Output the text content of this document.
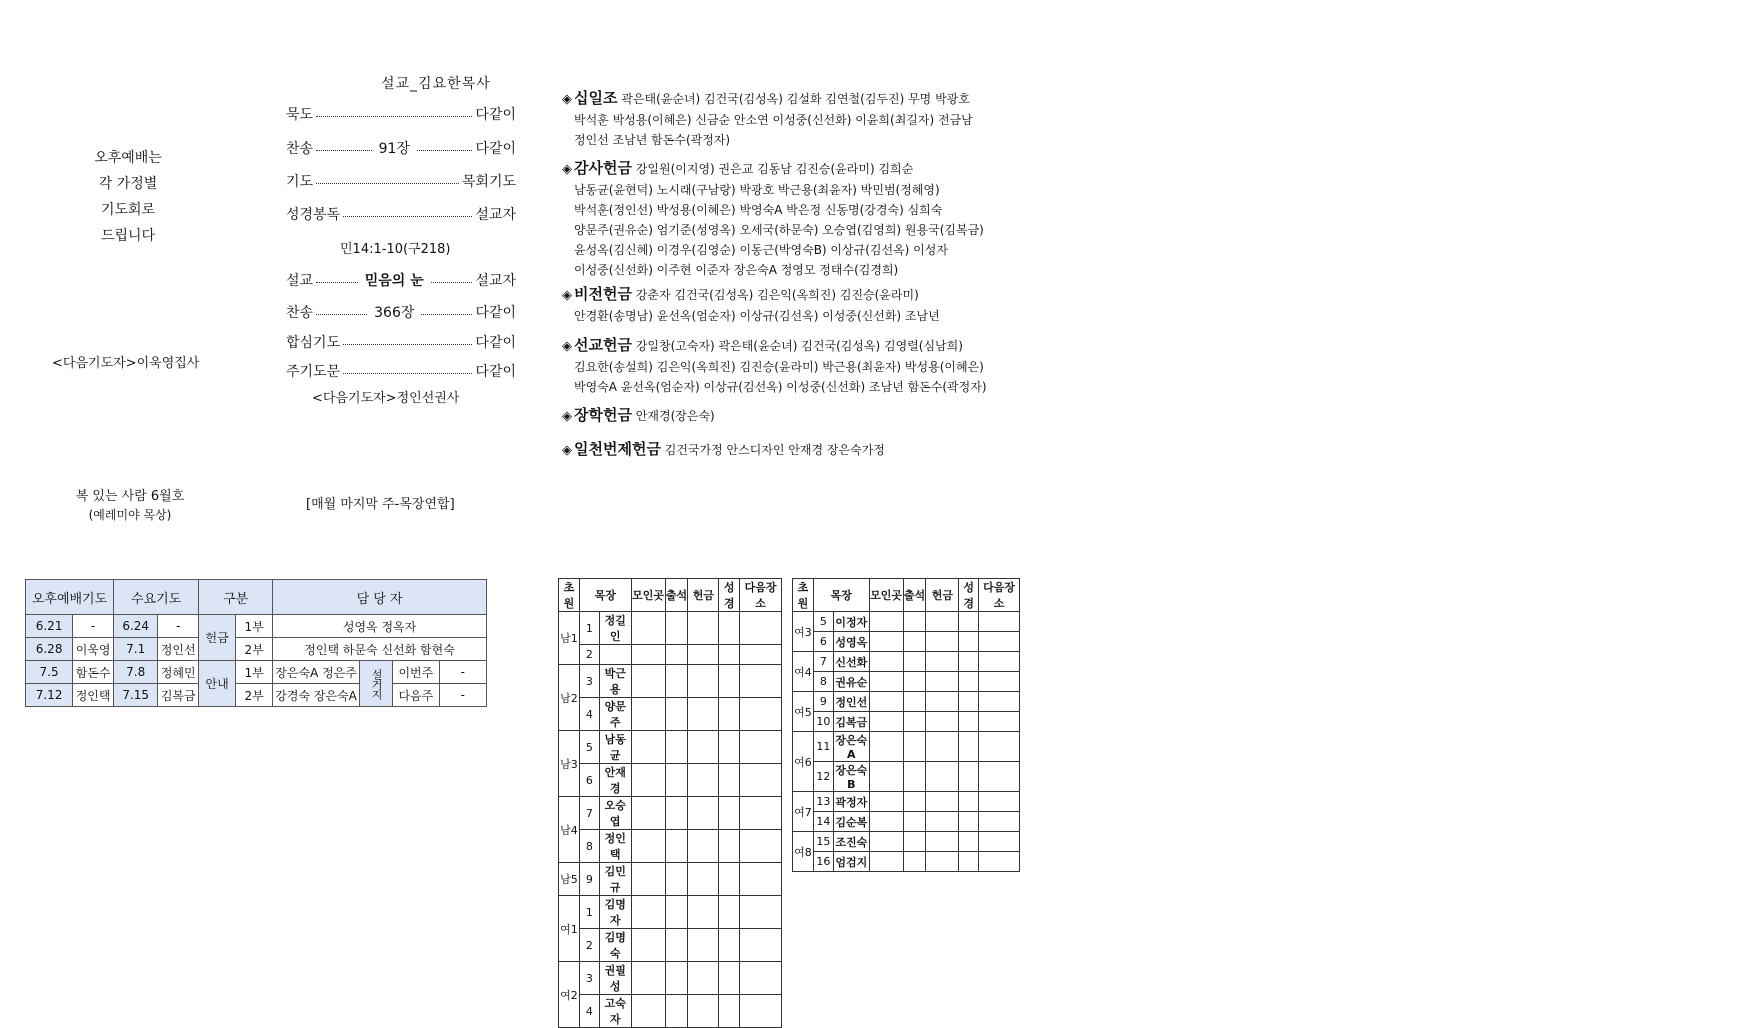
오후예배는
각 가정별
기도회로
드립니다
<다음기도자>이욱영집사
복 있는 사람 6월호
(예레미야 목상)
설교_김요한목사
묵도	다같이
찬송	91장	다같이
기도	목회기도
성경봉독	설교자
민14:1-10(구218)
설교	믿음의 눈	설교자
찬송	366장	다같이
합심기도	다같이
주기도문	다같이
<다음기도자>정인선권사
[매월 마지막 주-목장연합]
◈ 십일조 곽은태(윤순녀) 김건국(김성옥) 김설화 김연철(김두진) 무명 박광호
박석훈 박성용(이혜은) 신금순 안소연 이성중(신선화) 이윤희(최길자) 전금남
정인선 조남년 함돈수(곽정자)
◈ 감사헌금 강일원(이지영) 권은교 김동남 김진승(윤라미) 김희순
남동균(윤현덕) 노시래(구남랑) 박광호 박근용(최윤자) 박민범(정혜영)
박석훈(정인선) 박성용(이혜은) 박영숙A 박은정 신동명(강경숙) 심희숙
양문주(권유순) 엄기준(성영옥) 오세국(하문숙) 오승엽(김영희) 원용국(김복금)
윤성옥(김신혜) 이경우(김영순) 이동근(박영숙B) 이상규(김선옥) 이성자
이성중(신선화) 이주현 이준자 장은숙A 정영모 정태수(김경희)
◈ 비전헌금 강춘자 김건국(김성옥) 김은익(옥희진) 김진승(윤라미)
안경환(송명남) 윤선옥(엄순자) 이상규(김선옥) 이성중(신선화) 조남년
◈ 선교헌금 강일창(고숙자) 곽은태(윤순녀) 김건국(김성옥) 김영렬(심남희)
김요한(송설희) 김은익(옥희진) 김진승(윤라미) 박근용(최윤자) 박성용(이혜은)
박영숙A 윤선옥(엄순자) 이상규(김선옥) 이성중(신선화) 조남년 함돈수(곽정자)
◈ 장학헌금 안재경(장은숙)
◈ 일천번제헌금 김건국가정 안스디자인 안재경 장은숙가정
오후예배기도		수요기도		구분		담 당 자			
6.21	-	6.24	-	헌금	1부	성영옥 정옥자			
6.28	이욱영	7.1	정인선		2부	정인택 하문숙 신선화 함현숙			
7.5	함돈수	7.8	정혜민	안내	1부	장은숙A 정은주	설거지	이번주	-
7.12	정인택	7.15	김복금		2부	강경숙 장은숙A		다음주	-
초원	목장		모인곳	출석	헌금	성경	다음장소
남1	1	정길인					
	2						
남2	3	박근용					
	4	양문주					
남3	5	남동균					
	6	안재경					
남4	7	오승엽					
	8	정인택					
남5	9	김민규					
여1	1	김명자					
	2	김명숙					
여2	3	권필성					
	4	고숙자					
초원	목장		모인곳	출석	헌금	성경	다음장소
여3	5	이정자					
	6	성영옥					
여4	7	신선화					
	8	권유순					
여5	9	정인선					
	10	김복금					
여6	11	장은숙A					
	12	장은숙B					
여7	13	곽정자					
	14	김순복					
여8	15	조진숙					
	16	엄검지					
